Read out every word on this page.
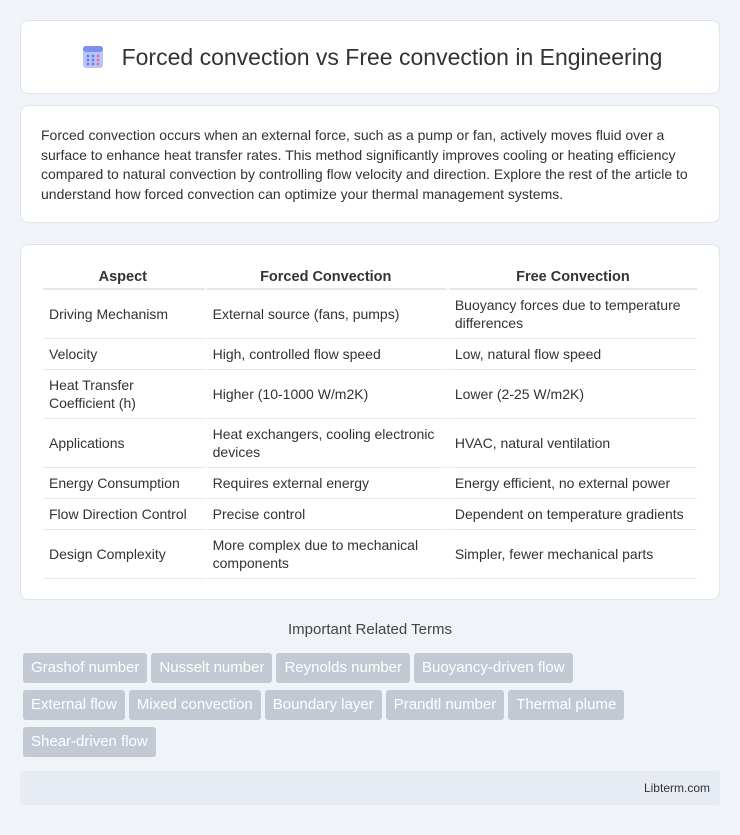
Forced convection vs Free convection in Engineering

Forced convection occurs when an external force, such as a pump or fan, actively moves fluid over a surface to enhance heat transfer rates. This method significantly improves cooling or heating efficiency compared to natural convection by controlling flow velocity and direction. Explore the rest of the article to understand how forced convection can optimize your thermal management systems.

Aspect	Forced Convection	Free Convection
Driving Mechanism	External source (fans, pumps)	Buoyancy forces due to temperature differences
Velocity	High, controlled flow speed	Low, natural flow speed
Heat Transfer Coefficient (h)	Higher (10-1000 W/m2K)	Lower (2-25 W/m2K)
Applications	Heat exchangers, cooling electronic devices	HVAC, natural ventilation
Energy Consumption	Requires external energy	Energy efficient, no external power
Flow Direction Control	Precise control	Dependent on temperature gradients
Design Complexity	More complex due to mechanical components	Simpler, fewer mechanical parts
Important Related Terms
Grashof number Nusselt number Reynolds number Buoyancy-driven flow
External flow Mixed convection Boundary layer Prandtl number Thermal plume
Shear-driven flow
Libterm.com
